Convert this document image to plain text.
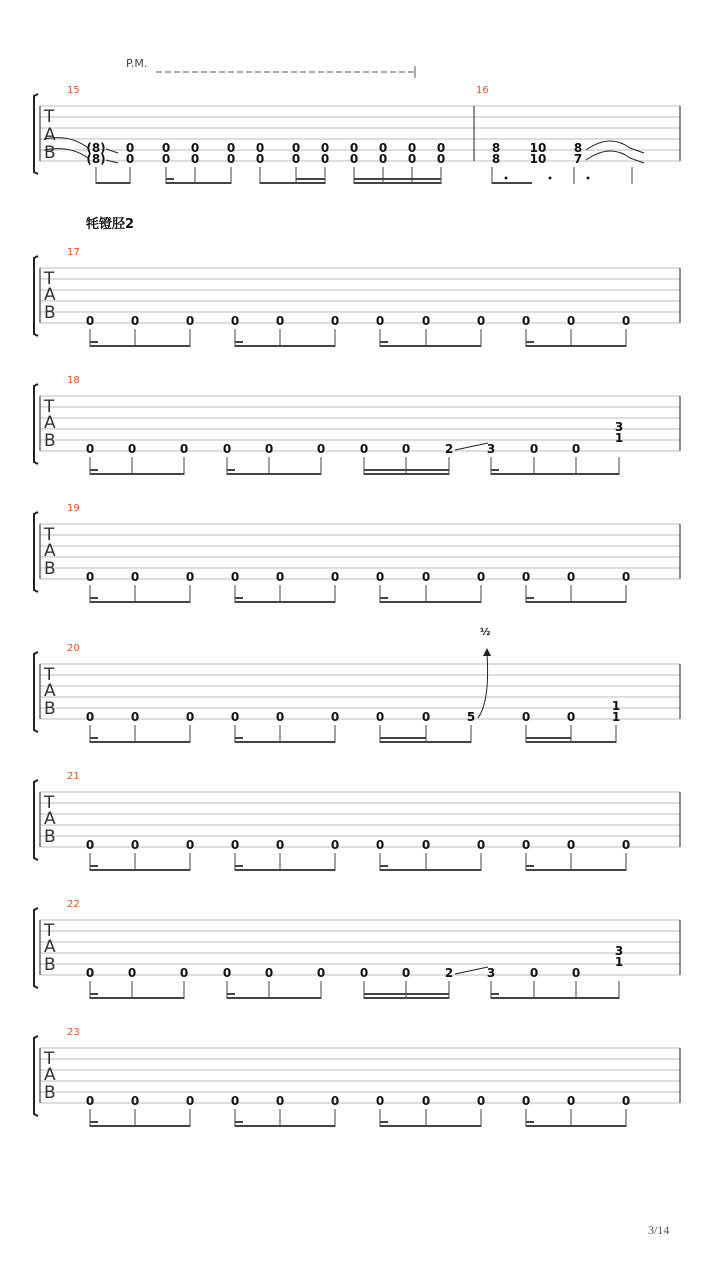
P.M.
T
A
B
15	16
(8)
(8)
0
0
0
0
0
0
0
0
0
0
0
0
0
0
0
0
0
0
0
0
0
0
8
8
10
10
8
7
牦镫胫2
T
A
B
17
0	0	0	0	0	0	0	0	0	0	0	0
T
A
B
18
0	0	0	0	0	0	0	0	2	3	0	0
3
1
T
A
B
19
0	0	0	0	0	0	0	0	0	0	0	0
T
A
B
20
0	0	0	0	0	0	0	0	5	0	0
1
1
½
T
A
B
21
0	0	0	0	0	0	0	0	0	0	0	0
T
A
B
22
0	0	0	0	0	0	0	0	2	3	0	0
3
1
T
A
B
23
0	0	0	0	0	0	0	0	0	0	0	0
3/14
